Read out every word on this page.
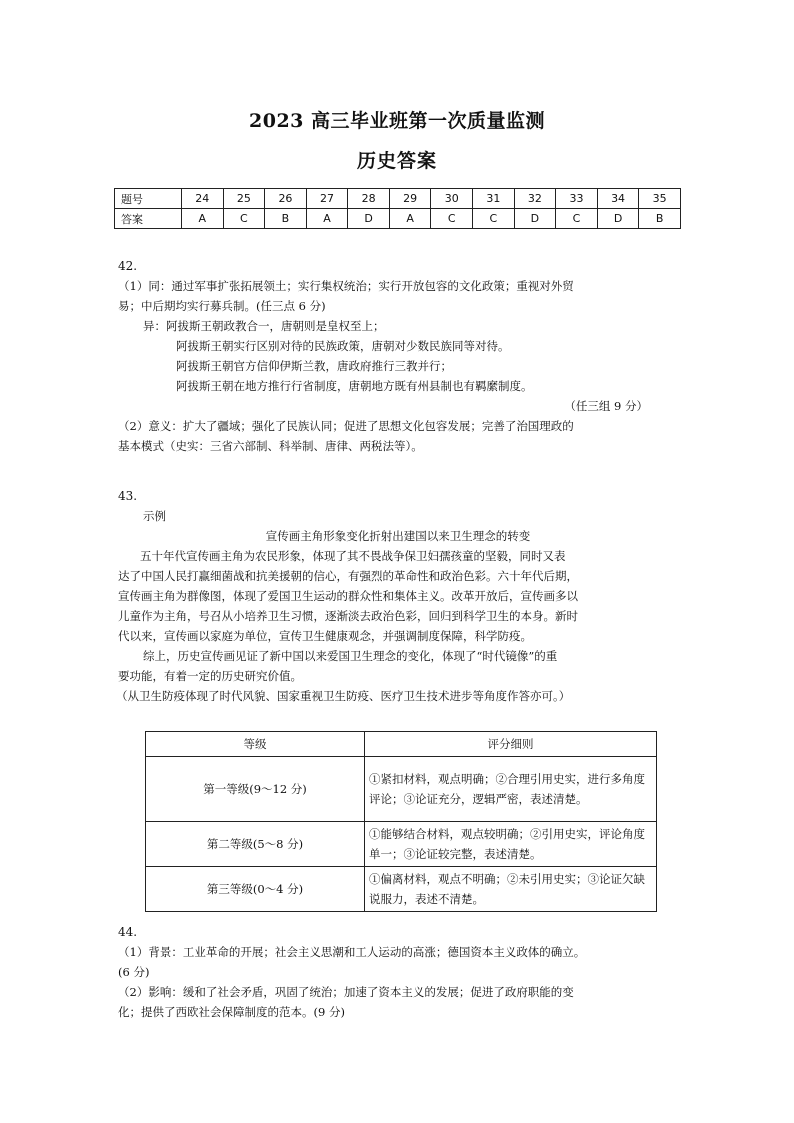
2023 高三毕业班第一次质量监测
历史答案
题号	24	25	26	27	28	29	30	31	32	33	34	35
答案	A	C	B	A	D	A	C	C	D	C	D	B
42.
（1）同：通过军事扩张拓展领土；实行集权统治；实行开放包容的文化政策；重视对外贸
易；中后期均实行募兵制。(任三点 6 分)
异：阿拔斯王朝政教合一，唐朝则是皇权至上；
阿拔斯王朝实行区别对待的民族政策，唐朝对少数民族同等对待。
阿拔斯王朝官方信仰伊斯兰教，唐政府推行三教并行；
阿拔斯王朝在地方推行行省制度，唐朝地方既有州县制也有羁縻制度。
（任三组 9 分）
（2）意义：扩大了疆域；强化了民族认同；促进了思想文化包容发展；完善了治国理政的
基本模式（史实：三省六部制、科举制、唐律、两税法等）。
43.
示例
宣传画主角形象变化折射出建国以来卫生理念的转变
五十年代宣传画主角为农民形象，体现了其不畏战争保卫妇孺孩童的坚毅，同时又表
达了中国人民打赢细菌战和抗美援朝的信心，有强烈的革命性和政治色彩。六十年代后期，
宣传画主角为群像图，体现了爱国卫生运动的群众性和集体主义。改革开放后，宣传画多以
儿童作为主角，号召从小培养卫生习惯，逐渐淡去政治色彩，回归到科学卫生的本身。新时
代以来，宣传画以家庭为单位，宣传卫生健康观念，并强调制度保障，科学防疫。
综上，历史宣传画见证了新中国以来爱国卫生理念的变化，体现了“时代镜像”的重
要功能，有着一定的历史研究价值。
（从卫生防疫体现了时代风貌、国家重视卫生防疫、医疗卫生技术进步等角度作答亦可。）
等级	评分细则
第一等级(9～12 分)	①紧扣材料，观点明确；②合理引用史实，进行多角度评论；③论证充分，逻辑严密，表述清楚。
第二等级(5～8 分)	①能够结合材料，观点较明确；②引用史实，评论角度单一；③论证较完整，表述清楚。
第三等级(0～4 分)	①偏离材料，观点不明确；②未引用史实；③论证欠缺说服力，表述不清楚。
44.
（1）背景：工业革命的开展；社会主义思潮和工人运动的高涨；德国资本主义政体的确立。
(6 分)
（2）影响：缓和了社会矛盾，巩固了统治；加速了资本主义的发展；促进了政府职能的变
化；提供了西欧社会保障制度的范本。(9 分)
